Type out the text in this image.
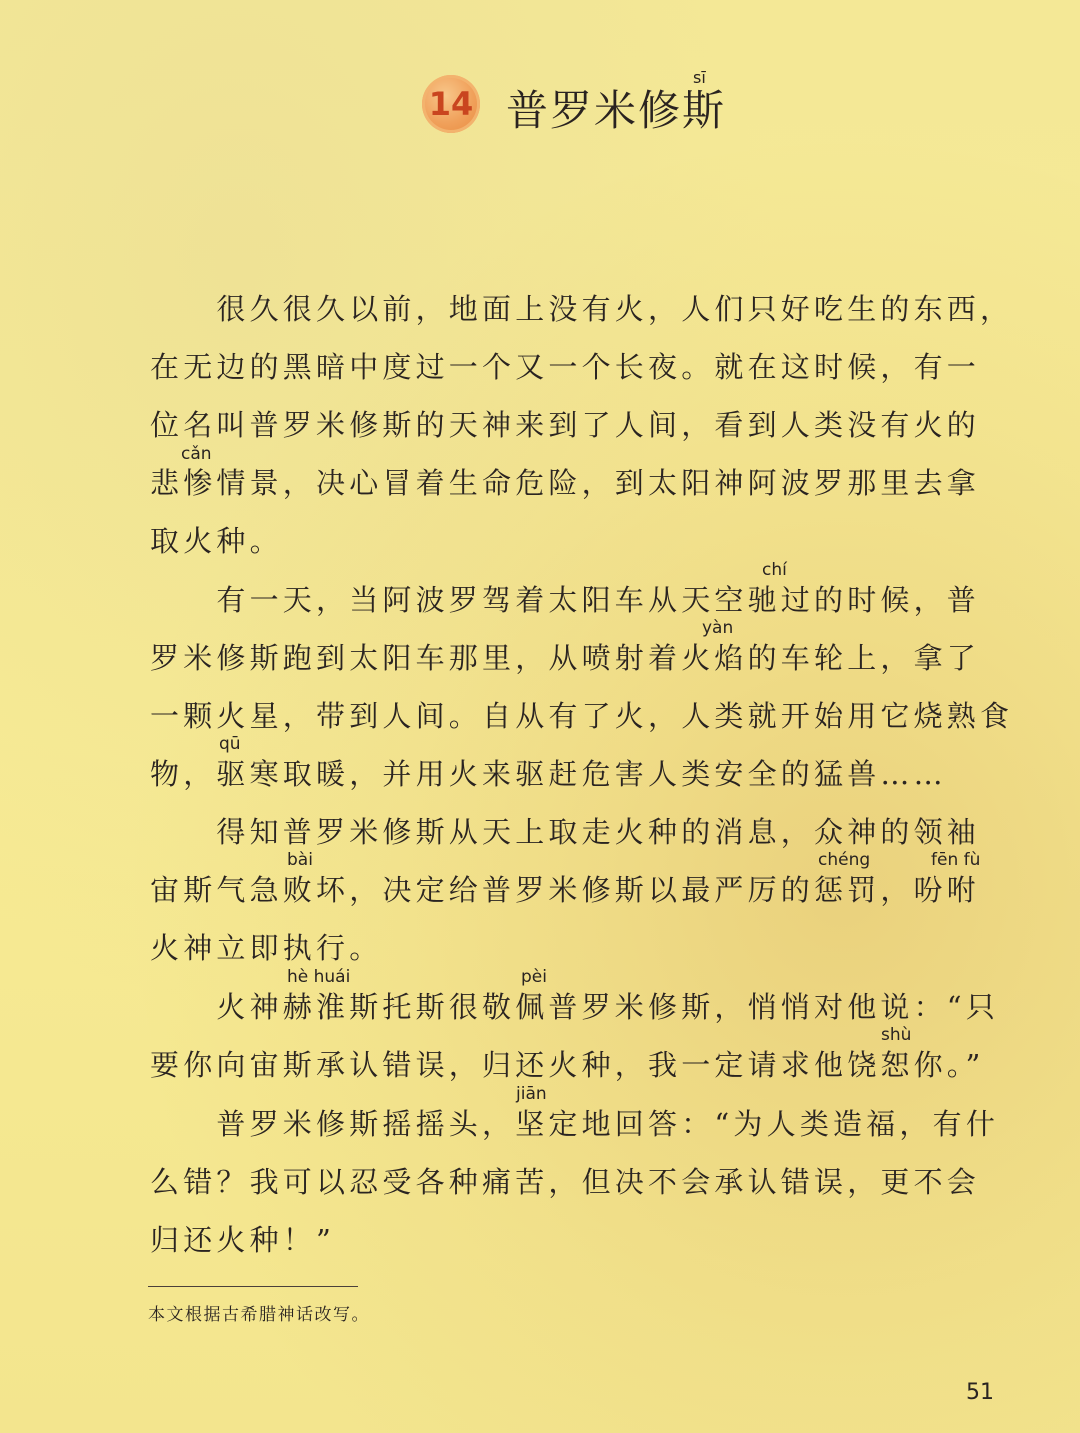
14
sī
普罗米修斯
　　很久很久以前，地面上没有火，人们只好吃生的东西，
在无边的黑暗中度过一个又一个长夜。就在这时候，有一
位名叫普罗米修斯的天神来到了人间，看到人类没有火的
cǎn
悲惨情景，决心冒着生命危险，到太阳神阿波罗那里去拿
取火种。
chí
　　有一天，当阿波罗驾着太阳车从天空驰过的时候，普
yàn
罗米修斯跑到太阳车那里，从喷射着火焰的车轮上，拿了
一颗火星，带到人间。自从有了火，人类就开始用它烧熟食
qū
物，驱寒取暖，并用火来驱赶危害人类安全的猛兽……
　　得知普罗米修斯从天上取走火种的消息，众神的领袖
bài	chéng	fēn fù
宙斯气急败坏，决定给普罗米修斯以最严厉的惩罚，吩咐
火神立即执行。
hè huái	pèi
　　火神赫淮斯托斯很敬佩普罗米修斯，悄悄对他说：“只
shù
要你向宙斯承认错误，归还火种，我一定请求他饶恕你。”
jiān
　　普罗米修斯摇摇头，坚定地回答：“为人类造福，有什
么错？我可以忍受各种痛苦，但决不会承认错误，更不会
归还火种！”
本文根据古希腊神话改写。
51
